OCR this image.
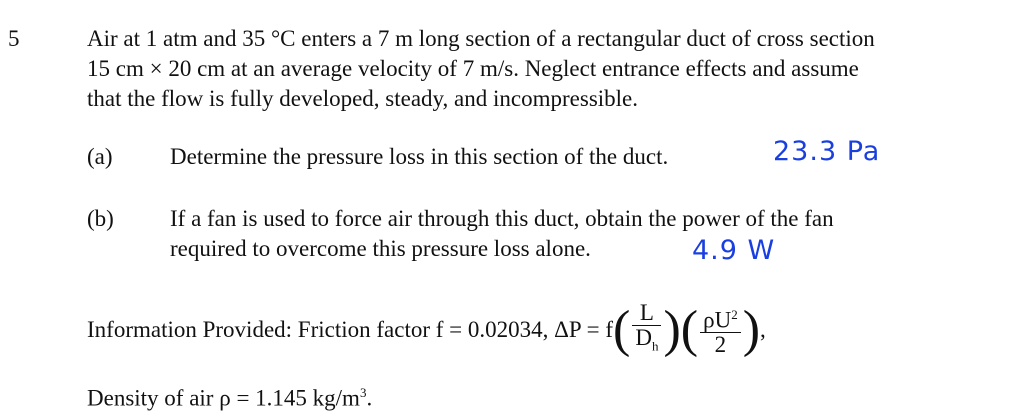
5	Air at 1 atm and 35 °C enters a 7 m long section of a rectangular duct of cross section
15 cm × 20 cm at an average velocity of 7 m/s. Neglect entrance effects and assume
that the flow is fully developed, steady, and incompressible.
(a) Determine the pressure loss in this section of the duct.	23.3 Pa
(b) If a fan is used to force air through this duct, obtain the power of the fan
required to overcome this pressure loss alone.	4.9 W
Information Provided: Friction factor f = 0.02034, ΔP = f ( $\frac{L}{D_h}$ ) ( $\frac{\rho U^2}{2}$ ) ,
Density of air ρ = 1.145 $kg/m^3$.
